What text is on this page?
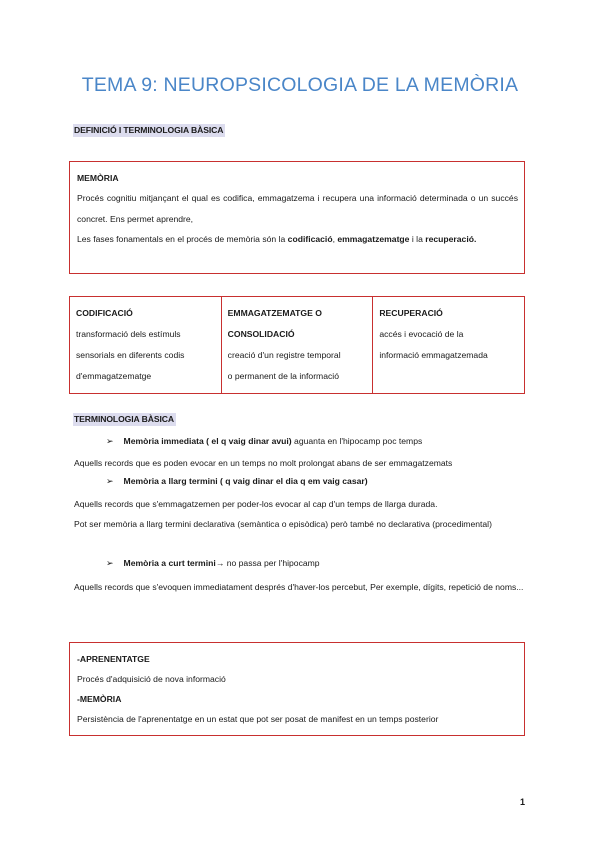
TEMA 9: NEUROPSICOLOGIA DE LA MEMÒRIA
DEFINICIÓ I TERMINOLOGIA BÀSICA
MEMÒRIA
Procés cognitiu mitjançant el qual es codifica, emmagatzema i recupera una informació determinada o un succés concret. Ens permet aprendre,
Les fases fonamentals en el procés de memòria són la codificació, emmagatzematge i la recuperació.
CODIFICACIÓ
transformació dels estímuls
sensorials en diferents codis
d'emmagatzematge
EMMAGATZEMATGE O
CONSOLIDACIÓ
creació d'un registre temporal
o permanent de la informació
RECUPERACIÓ
accés i evocació de la
informació emmagatzemada
TERMINOLOGIA BÀSICA
➢ Memòria immediata ( el q vaig dinar avui) aguanta en l'hipocamp poc temps
Aquells records que es poden evocar en un temps no molt prolongat abans de ser emmagatzemats
➢ Memòria a llarg termini ( q vaig dinar el dia q em vaig casar)
Aquells records que s'emmagatzemen per poder-los evocar al cap d'un temps de llarga durada.
Pot ser memòria a llarg termini declarativa (semàntica o episòdica) però també no declarativa (procedimental)
➢ Memòria a curt termini→ no passa per l'hipocamp
Aquells records que s'evoquen immediatament després d'haver-los percebut, Per exemple, dígits, repetició de noms...
-APRENENTATGE
Procés d'adquisició de nova informació
-MEMÒRIA
Persistència de l'aprenentatge en un estat que pot ser posat de manifest en un temps posterior
1
